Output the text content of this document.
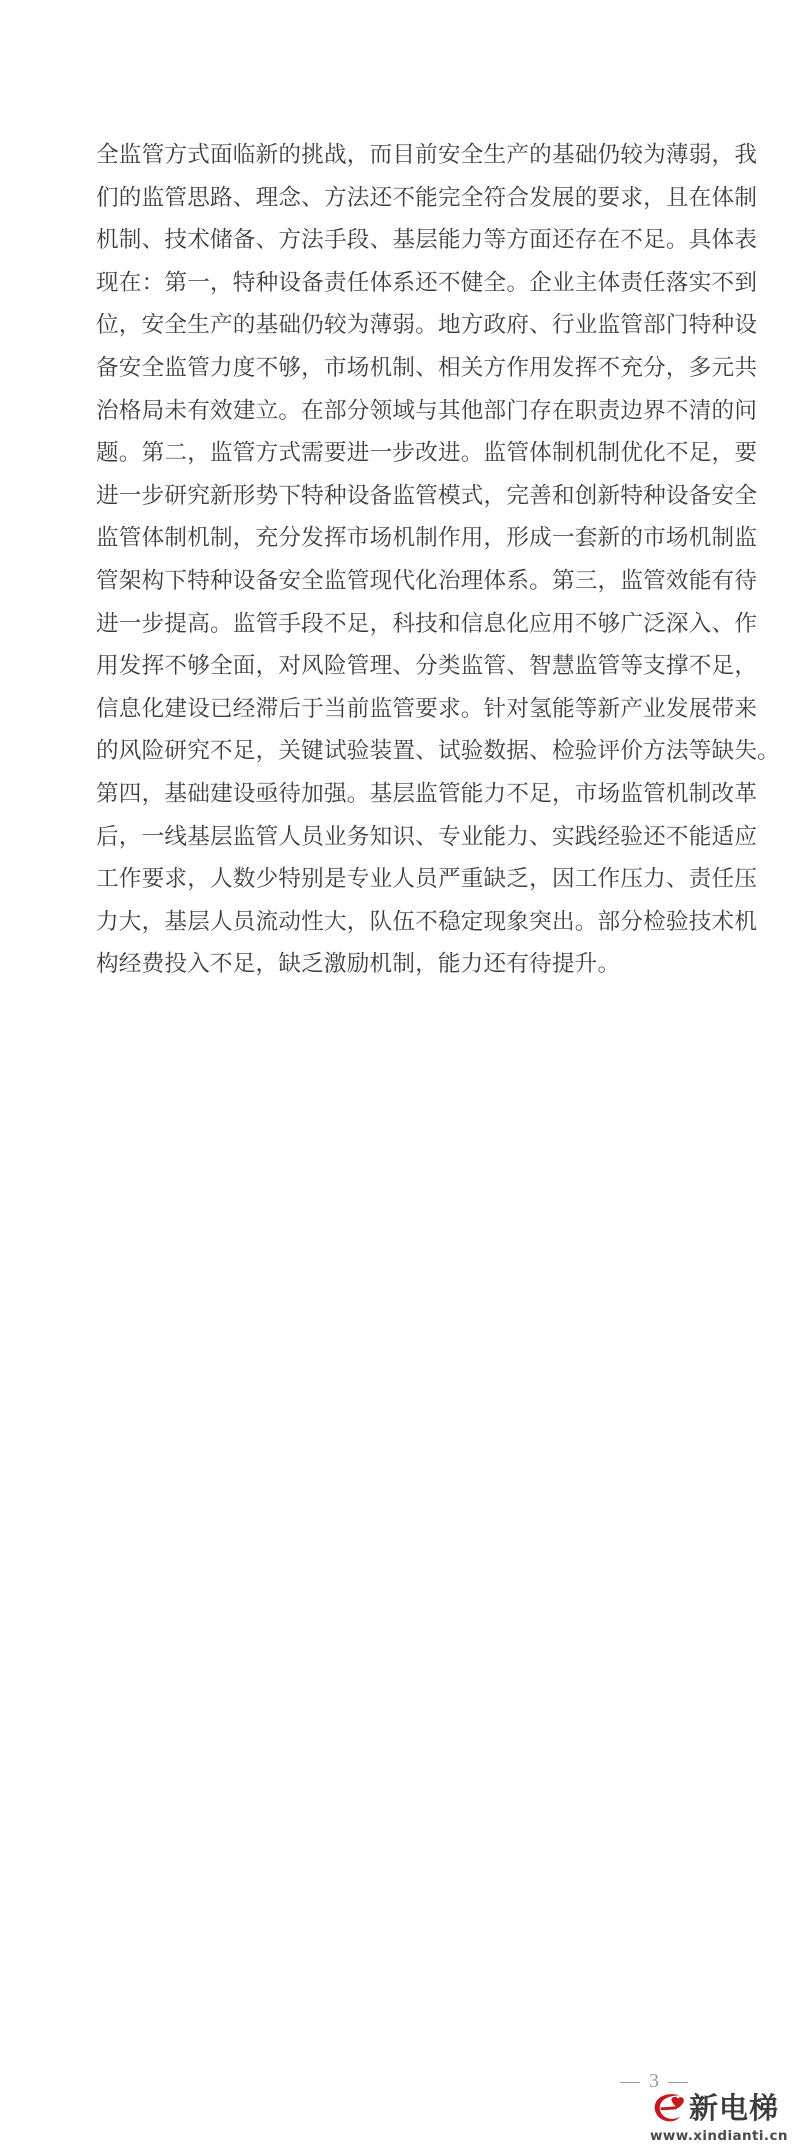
全 监 管 方 式 面 临 新 的 挑 战 ， 而 目 前 安 全 生 产 的 基 础 仍 较 为 薄 弱 ， 我
们 的 监 管 思 路 、 理 念 、 方 法 还 不 能 完 全 符 合 发 展 的 要 求 ， 且 在 体 制
机 制 、 技 术 储 备 、 方 法 手 段 、 基 层 能 力 等 方 面 还 存 在 不 足 。 具 体 表
现 在 ： 第 一 ， 特 种 设 备 责 任 体 系 还 不 健 全 。 企 业 主 体 责 任 落 实 不 到
位 ， 安 全 生 产 的 基 础 仍 较 为 薄 弱 。 地 方 政 府 、 行 业 监 管 部 门 特 种 设
备 安 全 监 管 力 度 不 够 ， 市 场 机 制 、 相 关 方 作 用 发 挥 不 充 分 ， 多 元 共
治 格 局 未 有 效 建 立 。 在 部 分 领 域 与 其 他 部 门 存 在 职 责 边 界 不 清 的 问
题 。 第 二 ， 监 管 方 式 需 要 进 一 步 改 进 。 监 管 体 制 机 制 优 化 不 足 ， 要
进 一 步 研 究 新 形 势 下 特 种 设 备 监 管 模 式 ， 完 善 和 创 新 特 种 设 备 安 全
监 管 体 制 机 制 ， 充 分 发 挥 市 场 机 制 作 用 ， 形 成 一 套 新 的 市 场 机 制 监
管 架 构 下 特 种 设 备 安 全 监 管 现 代 化 治 理 体 系 。 第 三 ， 监 管 效 能 有 待
进 一 步 提 高 。 监 管 手 段 不 足 ， 科 技 和 信 息 化 应 用 不 够 广 泛 深 入 、 作
用 发 挥 不 够 全 面 ， 对 风 险 管 理 、 分 类 监 管 、 智 慧 监 管 等 支 撑 不 足 ，
信 息 化 建 设 已 经 滞 后 于 当 前 监 管 要 求 。 针 对 氢 能 等 新 产 业 发 展 带 来
的 风 险 研 究 不 足 ， 关 键 试 验 装 置 、 试 验 数 据 、 检 验 评 价 方 法 等 缺 失 。
第 四 ， 基 础 建 设 亟 待 加 强 。 基 层 监 管 能 力 不 足 ， 市 场 监 管 机 制 改 革
后 ， 一 线 基 层 监 管 人 员 业 务 知 识 、 专 业 能 力 、 实 践 经 验 还 不 能 适 应
工 作 要 求 ， 人 数 少 特 别 是 专 业 人 员 严 重 缺 乏 ， 因 工 作 压 力 、 责 任 压
力 大 ， 基 层 人 员 流 动 性 大 ， 队 伍 不 稳 定 现 象 突 出 。 部 分 检 验 技 术 机
构经费投入不足，缺乏激励机制，能力还有待提升。
— 3 —
新电梯
www.xindianti.cn
